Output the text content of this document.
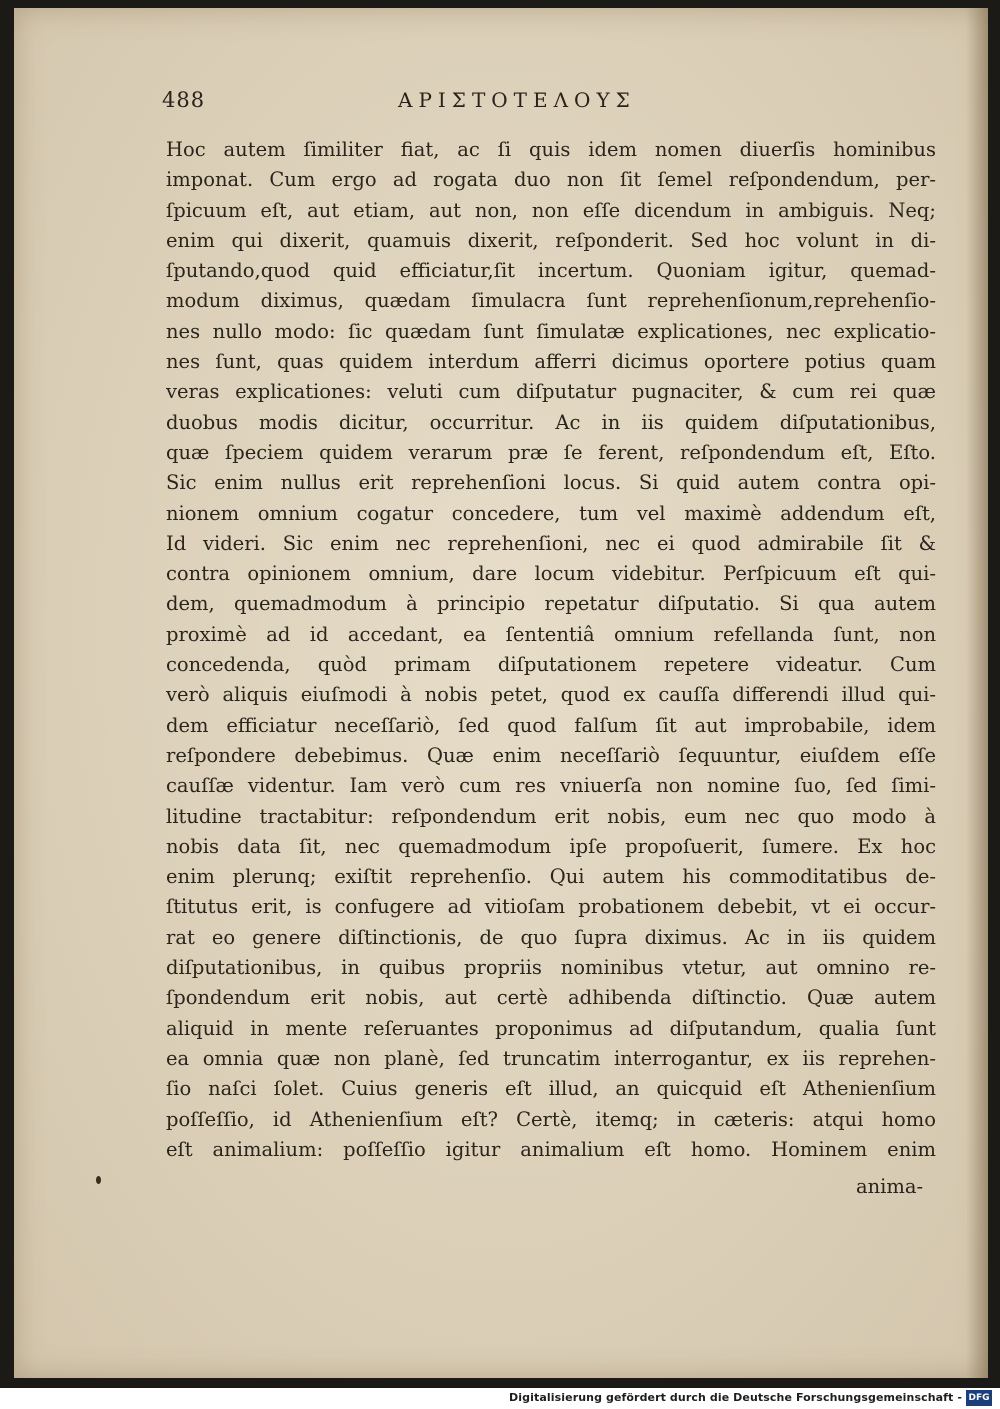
488	ΑΡΙΣΤΟΤΕΛΟΥΣ
Hoc autem ſimiliter fiat, ac ſi quis idem nomen diuerſis hominibus
imponat. Cum ergo ad rogata duo non ſit ſemel reſpondendum, per-
ſpicuum eſt, aut etiam, aut non, non eſſe dicendum in ambiguis. Neq;
enim qui dixerit, quamuis dixerit, reſponderit. Sed hoc volunt in di-
ſputando,quod quid efficiatur,ſit incertum. Quoniam igitur, quemad-
modum diximus, quædam ſimulacra ſunt reprehenſionum,reprehenſio-
nes nullo modo: ſic quædam ſunt ſimulatæ explicationes, nec explicatio-
nes ſunt, quas quidem interdum afferri dicimus oportere potius quam
veras explicationes: veluti cum diſputatur pugnaciter, & cum rei quæ
duobus modis dicitur, occurritur. Ac in iis quidem diſputationibus,
quæ ſpeciem quidem verarum præ ſe ferent, reſpondendum eſt, Eſto.
Sic enim nullus erit reprehenſioni locus. Si quid autem contra opi-
nionem omnium cogatur concedere, tum vel maximè addendum eſt,
Id videri. Sic enim nec reprehenſioni, nec ei quod admirabile ſit &
contra opinionem omnium, dare locum videbitur. Perſpicuum eſt qui-
dem, quemadmodum à principio repetatur diſputatio. Si qua autem
proximè ad id accedant, ea ſententiâ omnium refellanda ſunt, non
concedenda, quòd primam diſputationem repetere videatur. Cum
verò aliquis eiuſmodi à nobis petet, quod ex cauſſa differendi illud qui-
dem efficiatur neceſſariò, ſed quod falſum ſit aut improbabile, idem
reſpondere debebimus. Quæ enim neceſſariò ſequuntur, eiuſdem eſſe
cauſſæ videntur. Iam verò cum res vniuerſa non nomine ſuo, ſed ſimi-
litudine tractabitur: reſpondendum erit nobis, eum nec quo modo à
nobis data ſit, nec quemadmodum ipſe propoſuerit, ſumere. Ex hoc
enim plerunq; exiſtit reprehenſio. Qui autem his commoditatibus de-
ſtitutus erit, is confugere ad vitioſam probationem debebit, vt ei occur-
rat eo genere diſtinctionis, de quo ſupra diximus. Ac in iis quidem
diſputationibus, in quibus propriis nominibus vtetur, aut omnino re-
ſpondendum erit nobis, aut certè adhibenda diſtinctio. Quæ autem
aliquid in mente reſeruantes proponimus ad diſputandum, qualia ſunt
ea omnia quæ non planè, ſed truncatim interrogantur, ex iis reprehen-
ſio naſci ſolet. Cuius generis eſt illud, an quicquid eſt Athenienſium
poſſeſſio, id Athenienſium eſt? Certè, itemq; in cæteris: atqui homo
eſt animalium: poſſeſſio igitur animalium eſt homo. Hominem enim
anima-
Digitalisierung gefördert durch die Deutsche Forschungsgemeinschaft - DFG
